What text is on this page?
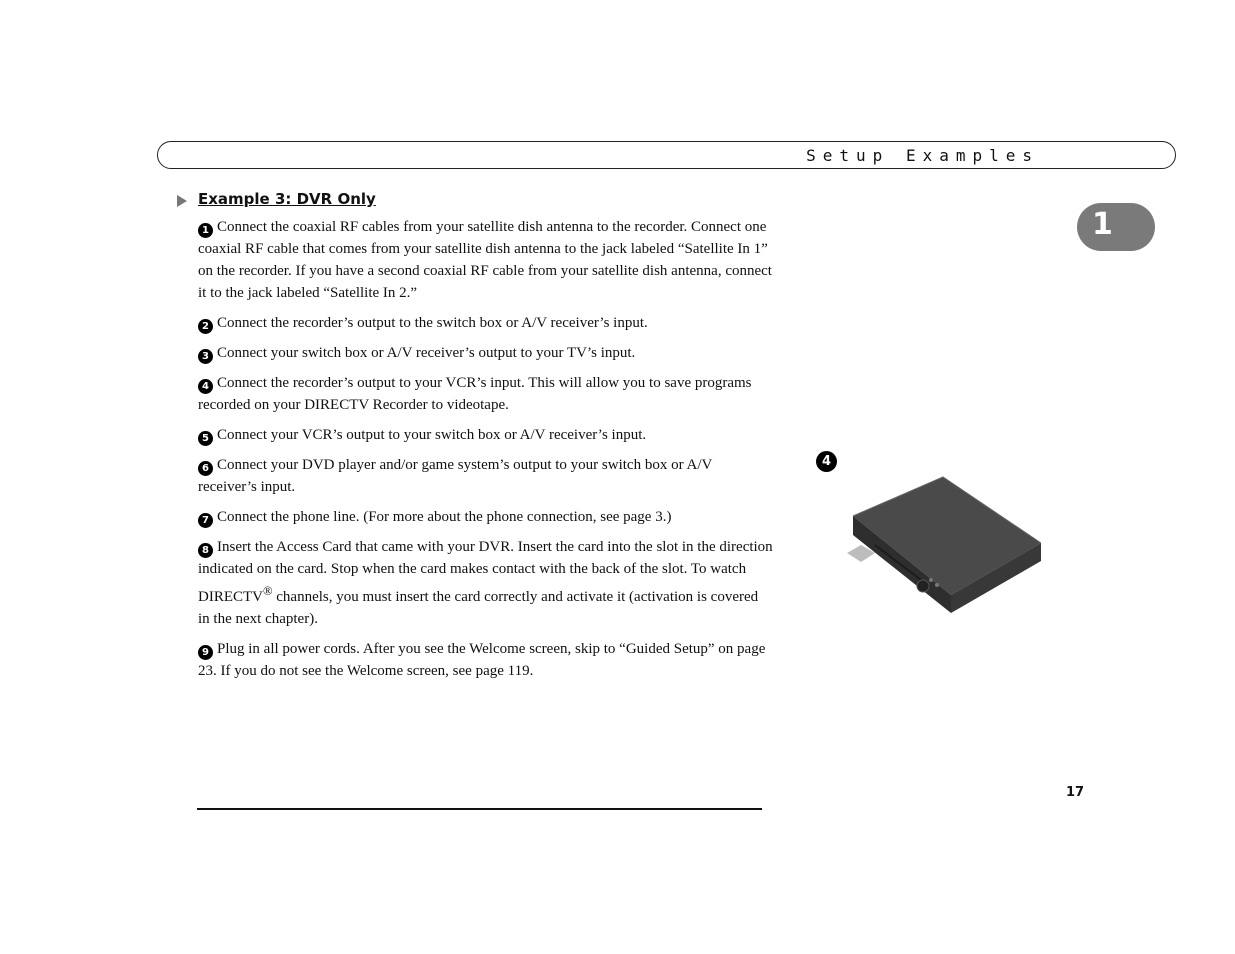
Setup Examples
Example 3: DVR Only
1

1 Connect the coaxial RF cables from your satellite dish antenna to the recorder. Connect one coaxial RF cable that comes from your satellite dish antenna to the jack labeled “Satellite In 1” on the recorder. If you have a second coaxial RF cable from your satellite dish antenna, connect it to the jack labeled “Satellite In 2.”

2 Connect the recorder’s output to the switch box or A/V receiver’s input.

3 Connect your switch box or A/V receiver’s output to your TV’s input.

4 Connect the recorder’s output to your VCR’s input. This will allow you to save programs recorded on your DIRECTV Recorder to videotape.

5 Connect your VCR’s output to your switch box or A/V receiver’s input.

6 Connect your DVD player and/or game system’s output to your switch box or A/V receiver’s input.

7 Connect the phone line. (For more about the phone connection, see page 3.)

8 Insert the Access Card that came with your DVR. Insert the card into the slot in the direction indicated on the card. Stop when the card makes contact with the back of the slot. To watch DIRECTV® channels, you must insert the card correctly and activate it (activation is covered in the next chapter).

9 Plug in all power cords. After you see the Welcome screen, skip to “Guided Setup” on page 23. If you do not see the Welcome screen, see page 119.

4
17
